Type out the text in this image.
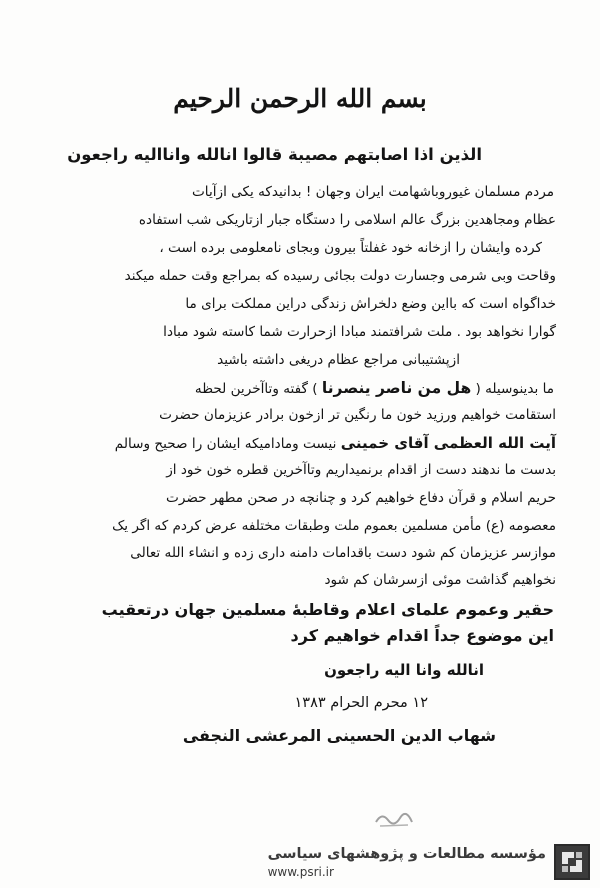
بسم الله الرحمن الرحیم
الذین اذا اصابتهم مصیبة قالوا انالله وانااليه راجعون
مردم مسلمان غیوروباشهامت ایران وجهان ! بدانیدکه یکی ازآیات
عظام ومجاهدین بزرگ عالم اسلامی را دستگاه جبار ازتاریکی شب استفاده
کرده وایشان را ازخانه خود غفلتاً بیرون وبجای نامعلومی برده است ،
وقاحت وبی شرمی وجسارت دولت بجائی رسیده که بمراجع وقت حمله میکند
خداگواه است که بااین وضع دلخراش زندگی دراین مملکت برای ما
گوارا نخواهد بود . ملت شرافتمند مبادا ازحرارت شما کاسته شود مبادا
ازپشتیبانی مراجع عظام دریغی داشته باشید
ما بدینوسیله ( هل من ناصر ینصرنا ) گفته وتاآخرین لحظه
استقامت خواهیم ورزید خون ما رنگین تر ازخون برادر عزیزمان حضرت
آیت الله العظمی آقای خمینی نیست ومادامیکه ایشان را صحیح وسالم
بدست ما ندهند دست از اقدام برنمیداریم وتاآخرین قطره خون خود از
حریم اسلام و قرآن دفاع خواهیم کرد و چنانچه در صحن مطهر حضرت
معصومه (ع) مأمن مسلمین بعموم ملت وطبقات مختلفه عرض کردم که اگر یک
موازسر عزیزمان کم شود دست باقدامات دامنه داری زده و انشاء الله تعالی
نخواهیم گذاشت موئی ازسرشان کم شود
حقیر وعموم علمای اعلام وقاطبهٔ مسلمین جهان درتعقیب
این موضوع جداً اقدام خواهیم کرد
انالله وانا الیه راجعون
۱۲ محرم الحرام ۱۳۸۳
شهاب الدین الحسینی المرعشی النجفی
مؤسسه مطالعات و پژوهشهای سیاسی
www.psri.ir
